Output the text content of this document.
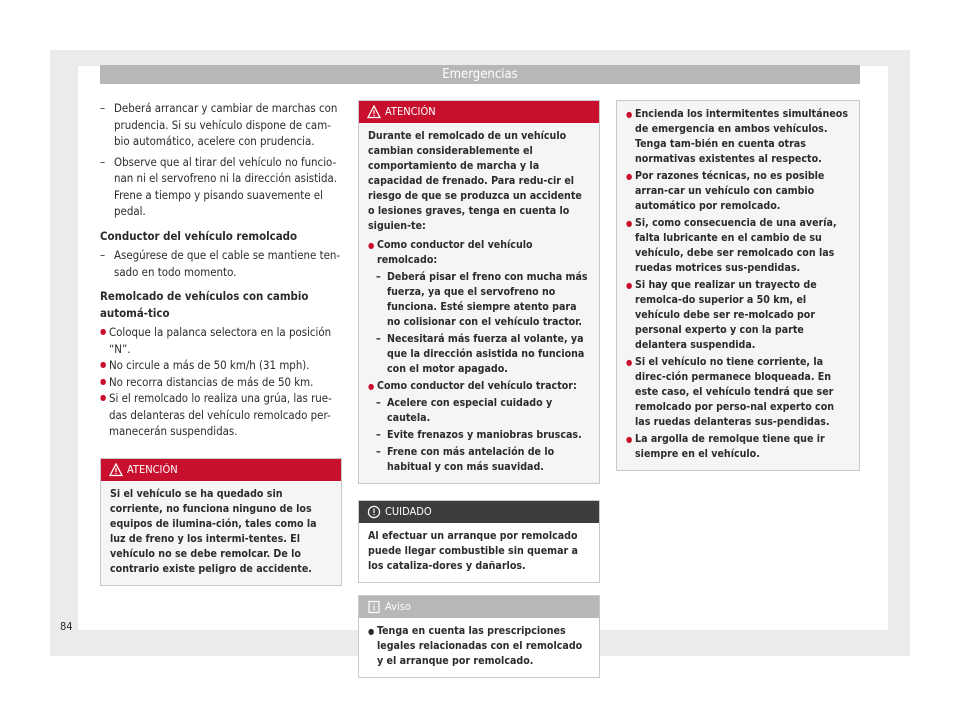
Emergencias

– Deberá arrancar y cambiar de marchas con prudencia. Si su vehículo dispone de cam-bio automático, acelere con prudencia.

– Observe que al tirar del vehículo no funcio-nan ni el servofreno ni la dirección asistida. Frene a tiempo y pisando suavemente el pedal.

Conductor del vehículo remolcado

– Asegúrese de que el cable se mantiene ten-sado en todo momento.

Remolcado de vehículos con cambio automá-tico

● Coloque la palanca selectora en la posición “N”.

● No circule a más de 50 km/h (31 mph).

● No recorra distancias de más de 50 km.

● Si el remolcado lo realiza una grúa, las rue-das delanteras del vehículo remolcado per-manecerán suspendidas.

ATENCIÓN
Si el vehículo se ha quedado sin corriente, no funciona ninguno de los equipos de ilumina-ción, tales como la luz de freno y los intermi-tentes. El vehículo no se debe remolcar. De lo contrario existe peligro de accidente.
ATENCIÓN

Durante el remolcado de un vehículo cambian considerablemente el comportamiento de marcha y la capacidad de frenado. Para redu-cir el riesgo de que se produzca un accidente o lesiones graves, tenga en cuenta lo siguien-te:

● Como conductor del vehículo remolcado:

– Deberá pisar el freno con mucha más fuerza, ya que el servofreno no funciona. Esté siempre atento para no colisionar con el vehículo tractor.

– Necesitará más fuerza al volante, ya que la dirección asistida no funciona con el motor apagado.

● Como conductor del vehículo tractor:

– Acelere con especial cuidado y cautela.

– Evite frenazos y maniobras bruscas.

– Frene con más antelación de lo habitual y con más suavidad.

CUIDADO
Al efectuar un arranque por remolcado puede llegar combustible sin quemar a los cataliza-dores y dañarlos.
Aviso

● Tenga en cuenta las prescripciones legales relacionadas con el remolcado y el arranque por remolcado.

● Encienda los intermitentes simultáneos de emergencia en ambos vehículos. Tenga tam-bién en cuenta otras normativas existentes al respecto.

● Por razones técnicas, no es posible arran-car un vehículo con cambio automático por remolcado.

● Si, como consecuencia de una avería, falta lubricante en el cambio de su vehículo, debe ser remolcado con las ruedas motrices sus-pendidas.

● Si hay que realizar un trayecto de remolca-do superior a 50 km, el vehículo debe ser re-molcado por personal experto y con la parte delantera suspendida.

● Si el vehículo no tiene corriente, la direc-ción permanece bloqueada. En este caso, el vehículo tendrá que ser remolcado por perso-nal experto con las ruedas delanteras sus-pendidas.

● La argolla de remolque tiene que ir siempre en el vehículo.

84
